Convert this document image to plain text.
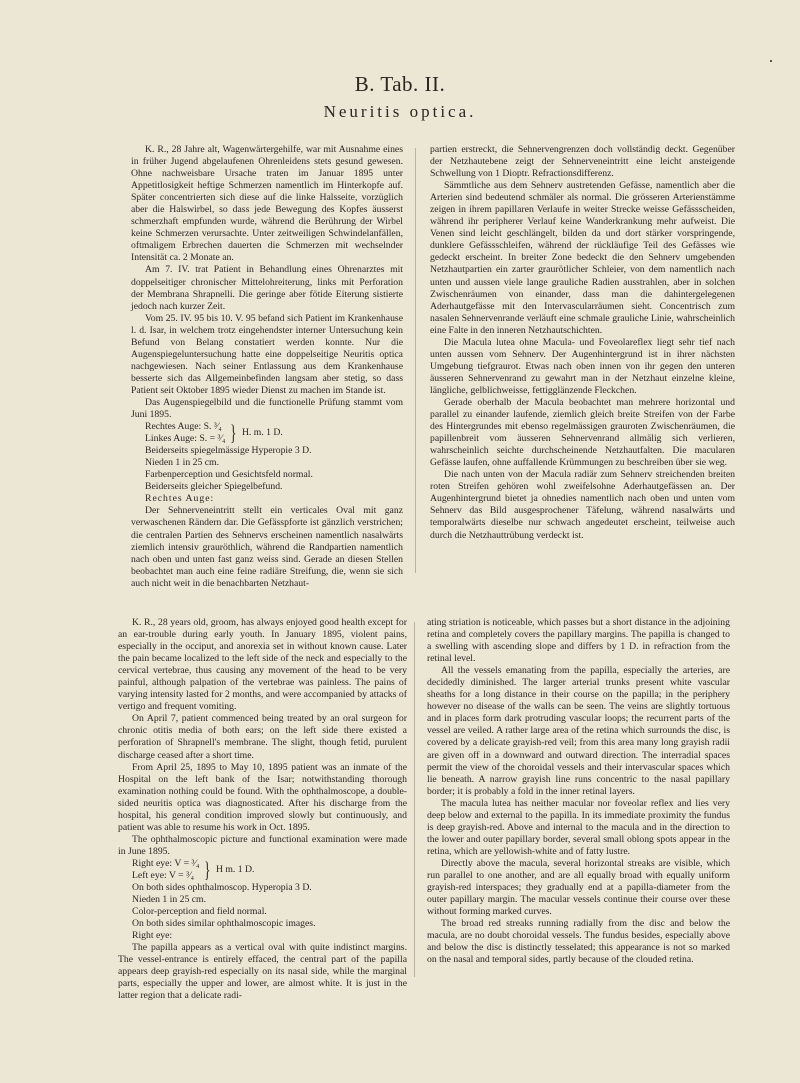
B. Tab. II.
Neuritis optica.

K. R., 28 Jahre alt, Wagenwärtergehilfe, war mit Ausnahme eines in früher Jugend abgelaufenen Ohrenleidens stets gesund gewesen. Ohne nachweisbare Ursache traten im Januar 1895 unter Appetitlosigkeit heftige Schmerzen namentlich im Hinterkopfe auf. Später concentrierten sich diese auf die linke Halsseite, vorzüglich aber die Halswirbel, so dass jede Bewegung des Kopfes äusserst schmerzhaft empfunden wurde, während die Berührung der Wirbel keine Schmerzen verursachte. Unter zeitweiligen Schwindelanfällen, oftmaligem Erbrechen dauerten die Schmerzen mit wechselnder Intensität ca. 2 Monate an.

Am 7. IV. trat Patient in Behandlung eines Ohrenarztes mit doppelseitiger chronischer Mittelohreiterung, links mit Perforation der Membrana Shrapnelli. Die geringe aber fötide Eiterung sistierte jedoch nach kurzer Zeit.

Vom 25. IV. 95 bis 10. V. 95 befand sich Patient im Krankenhause l. d. Isar, in welchem trotz eingehendster interner Untersuchung kein Befund von Belang constatiert werden konnte. Nur die Augenspiegeluntersuchung hatte eine doppelseitige Neuritis optica nachgewiesen. Nach seiner Entlassung aus dem Krankenhause besserte sich das Allgemeinbefinden langsam aber stetig, so dass Patient seit Oktober 1895 wieder Dienst zu machen im Stande ist.

Das Augenspiegelbild und die functionelle Prüfung stammt vom Juni 1895.

Rechtes Auge: S. ³⁄₄
Linkes Auge: S. = ³⁄₄ } H. m. 1 D.

Beiderseits spiegelmässige Hyperopie 3 D.

Nieden 1 in 25 cm.

Farbenperception und Gesichtsfeld normal.

Beiderseits gleicher Spiegelbefund.

Rechtes Auge:

Der Sehnerveneintritt stellt ein verticales Oval mit ganz verwaschenen Rändern dar. Die Gefässpforte ist gänzlich verstrichen; die centralen Partien des Sehnervs erscheinen namentlich nasalwärts ziemlich intensiv grauröthlich, während die Randpartien namentlich nach oben und unten fast ganz weiss sind. Gerade an diesen Stellen beobachtet man auch eine feine radiäre Streifung, die, wenn sie sich auch nicht weit in die benachbarten Netzhaut-

partien erstreckt, die Sehnervengrenzen doch vollständig deckt. Gegenüber der Netzhautebene zeigt der Sehnerveneintritt eine leicht ansteigende Schwellung von 1 Dioptr. Refractionsdifferenz.

Sämmtliche aus dem Sehnerv austretenden Gefässe, namentlich aber die Arterien sind bedeutend schmäler als normal. Die grösseren Arterienstämme zeigen in ihrem papillaren Verlaufe in weiter Strecke weisse Gefässscheiden, während ihr peripherer Verlauf keine Wanderkrankung mehr aufweist. Die Venen sind leicht geschlängelt, bilden da und dort stärker vorspringende, dunklere Gefässschleifen, während der rückläufige Teil des Gefässes wie gedeckt erscheint. In breiter Zone bedeckt die den Sehnerv umgebenden Netzhautpartien ein zarter graurötlicher Schleier, von dem namentlich nach unten und aussen viele lange grauliche Radien ausstrahlen, aber in solchen Zwischenräumen von einander, dass man die dahintergelegenen Aderhautgefässe mit den Intervascularräumen sieht. Concentrisch zum nasalen Sehnervenrande verläuft eine schmale grauliche Linie, wahrscheinlich eine Falte in den inneren Netzhautschichten.

Die Macula lutea ohne Macula- und Foveolareflex liegt sehr tief nach unten aussen vom Sehnerv. Der Augenhintergrund ist in ihrer nächsten Umgebung tiefgraurot. Etwas nach oben innen von ihr gegen den unteren äusseren Sehnervenrand zu gewahrt man in der Netzhaut einzelne kleine, längliche, gelblichweisse, fettigglänzende Fleckchen.

Gerade oberhalb der Macula beobachtet man mehrere horizontal und parallel zu einander laufende, ziemlich gleich breite Streifen von der Farbe des Hintergrundes mit ebenso regelmässigen grauroten Zwischenräumen, die papillenbreit vom äusseren Sehnervenrand allmälig sich verlieren, wahrscheinlich seichte durchscheinende Netzhautfalten. Die macularen Gefässe laufen, ohne auffallende Krümmungen zu beschreiben über sie weg.

Die nach unten von der Macula radiär zum Sehnerv streichenden breiten roten Streifen gehören wohl zweifelsohne Aderhautgefässen an. Der Augenhintergrund bietet ja ohnedies namentlich nach oben und unten vom Sehnerv das Bild ausgesprochener Täfelung, während nasalwärts und temporalwärts dieselbe nur schwach angedeutet erscheint, teilweise auch durch die Netzhauttrübung verdeckt ist.

K. R., 28 years old, groom, has always enjoyed good health except for an ear-trouble during early youth. In January 1895, violent pains, especially in the occiput, and anorexia set in without known cause. Later the pain became localized to the left side of the neck and especially to the cervical vertebrae, thus causing any movement of the head to be very painful, although palpation of the vertebrae was painless. The pains of varying intensity lasted for 2 months, and were accompanied by attacks of vertigo and frequent vomiting.

On April 7, patient commenced being treated by an oral surgeon for chronic otitis media of both ears; on the left side there existed a perforation of Shrapnell's membrane. The slight, though fetid, purulent discharge ceased after a short time.

From April 25, 1895 to May 10, 1895 patient was an inmate of the Hospital on the left bank of the Isar; notwithstanding thorough examination nothing could be found. With the ophthalmoscope, a double-sided neuritis optica was diagnosticated. After his discharge from the hospital, his general condition improved slowly but continuously, and patient was able to resume his work in Oct. 1895.

The ophthalmoscopic picture and functional examination were made in June 1895.

Right eye: V = ³⁄₄
Left eye: V = ³⁄₄ } H m. 1 D.

On both sides ophthalmoscop. Hyperopia 3 D.

Nieden 1 in 25 cm.

Color-perception and field normal.

On both sides similar ophthalmoscopic images.

Right eye:

The papilla appears as a vertical oval with quite indistinct margins. The vessel-entrance is entirely effaced, the central part of the papilla appears deep grayish-red especially on its nasal side, while the marginal parts, especially the upper and lower, are almost white. It is just in the latter region that a delicate radi-

ating striation is noticeable, which passes but a short distance in the adjoining retina and completely covers the papillary margins. The papilla is changed to a swelling with ascending slope and differs by 1 D. in refraction from the retinal level.

All the vessels emanating from the papilla, especially the arteries, are decidedly diminished. The larger arterial trunks present white vascular sheaths for a long distance in their course on the papilla; in the periphery however no disease of the walls can be seen. The veins are slightly tortuous and in places form dark protruding vascular loops; the recurrent parts of the vessel are veiled. A rather large area of the retina which surrounds the disc, is covered by a delicate grayish-red veil; from this area many long grayish radii are given off in a downward and outward direction. The interradial spaces permit the view of the choroidal vessels and their intervascular spaces which lie beneath. A narrow grayish line runs concentric to the nasal papillary border; it is probably a fold in the inner retinal layers.

The macula lutea has neither macular nor foveolar reflex and lies very deep below and external to the papilla. In its immediate proximity the fundus is deep grayish-red. Above and internal to the macula and in the direction to the lower and outer papillary border, several small oblong spots appear in the retina, which are yellowish-white and of fatty lustre.

Directly above the macula, several horizontal streaks are visible, which run parallel to one another, and are all equally broad with equally uniform grayish-red interspaces; they gradually end at a papilla-diameter from the outer papillary margin. The macular vessels continue their course over these without forming marked curves.

The broad red streaks running radially from the disc and below the macula, are no doubt choroidal vessels. The fundus besides, especially above and below the disc is distinctly tesselated; this appearance is not so marked on the nasal and temporal sides, partly because of the clouded retina.
